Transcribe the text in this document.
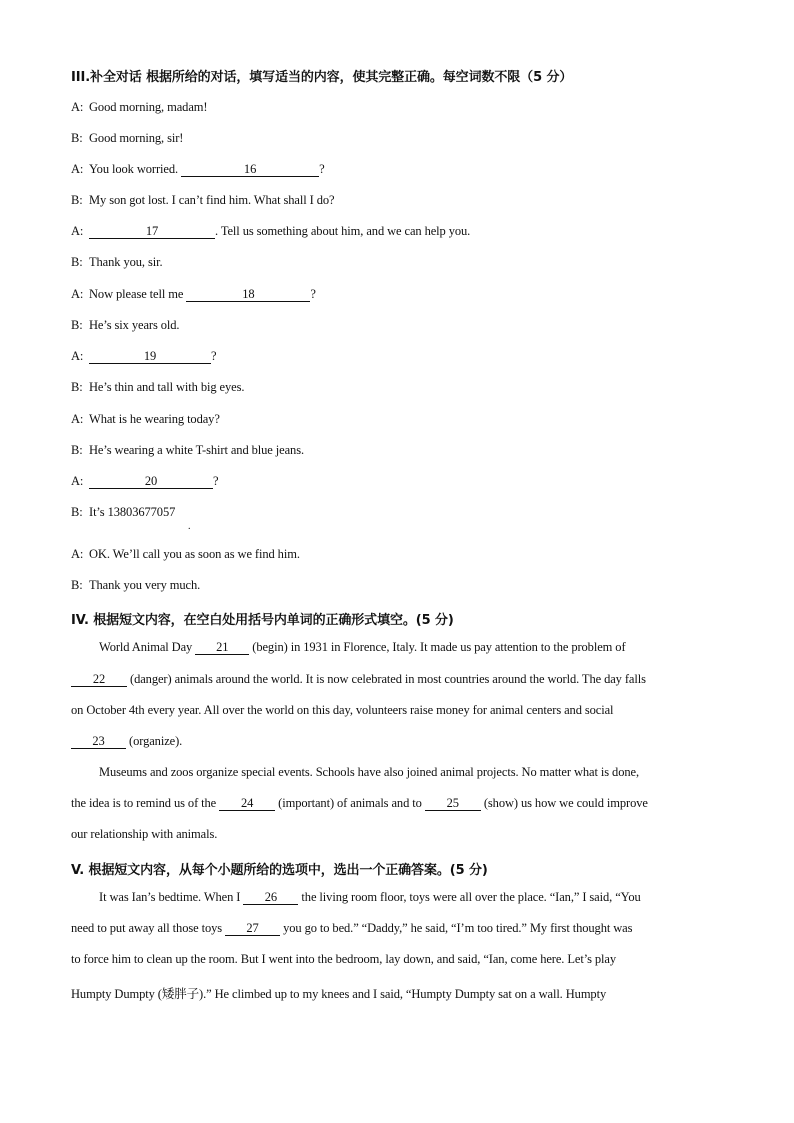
III.补全对话 根据所给的对话，填写适当的内容，使其完整正确。每空词数不限（5 分）
A: Good morning, madam!
B: Good morning, sir!
A: You look worried.	16	?
B: My son got lost. I can’t find him. What shall I do?
A:	17	. Tell us something about him, and we can help you.
B: Thank you, sir.
A: Now please tell me	18	?
B: He’s six years old.
A:	19	?
B: He’s thin and tall with big eyes.
A: What is he wearing today?
B: He’s wearing a white T-shirt and blue jeans.
A:	20	?
B: It’s 13803677057
.
A: OK. We’ll call you as soon as we find him.
B: Thank you very much.
IV. 根据短文内容，在空白处用括号内单词的正确形式填空。(5 分)
World Animal Day 21 (begin) in 1931 in Florence, Italy. It made us pay attention to the problem of
22 (danger) animals around the world. It is now celebrated in most countries around the world. The day falls
on October 4th every year. All over the world on this day, volunteers raise money for animal centers and social
23 (organize).
Museums and zoos organize special events. Schools have also joined animal projects. No matter what is done,
the idea is to remind us of the 24 (important) of animals and to 25 (show) us how we could improve
our relationship with animals.
V. 根据短文内容，从每个小题所给的选项中，选出一个正确答案。(5 分)
It was Ian’s bedtime. When I 26 the living room floor, toys were all over the place. “Ian,” I said, “You
need to put away all those toys 27 you go to bed.” “Daddy,” he said, “I’m too tired.” My first thought was
to force him to clean up the room. But I went into the bedroom, lay down, and said, “Ian, come here. Let’s play
Humpty Dumpty (矮胖子).” He climbed up to my knees and I said, “Humpty Dumpty sat on a wall. Humpty
